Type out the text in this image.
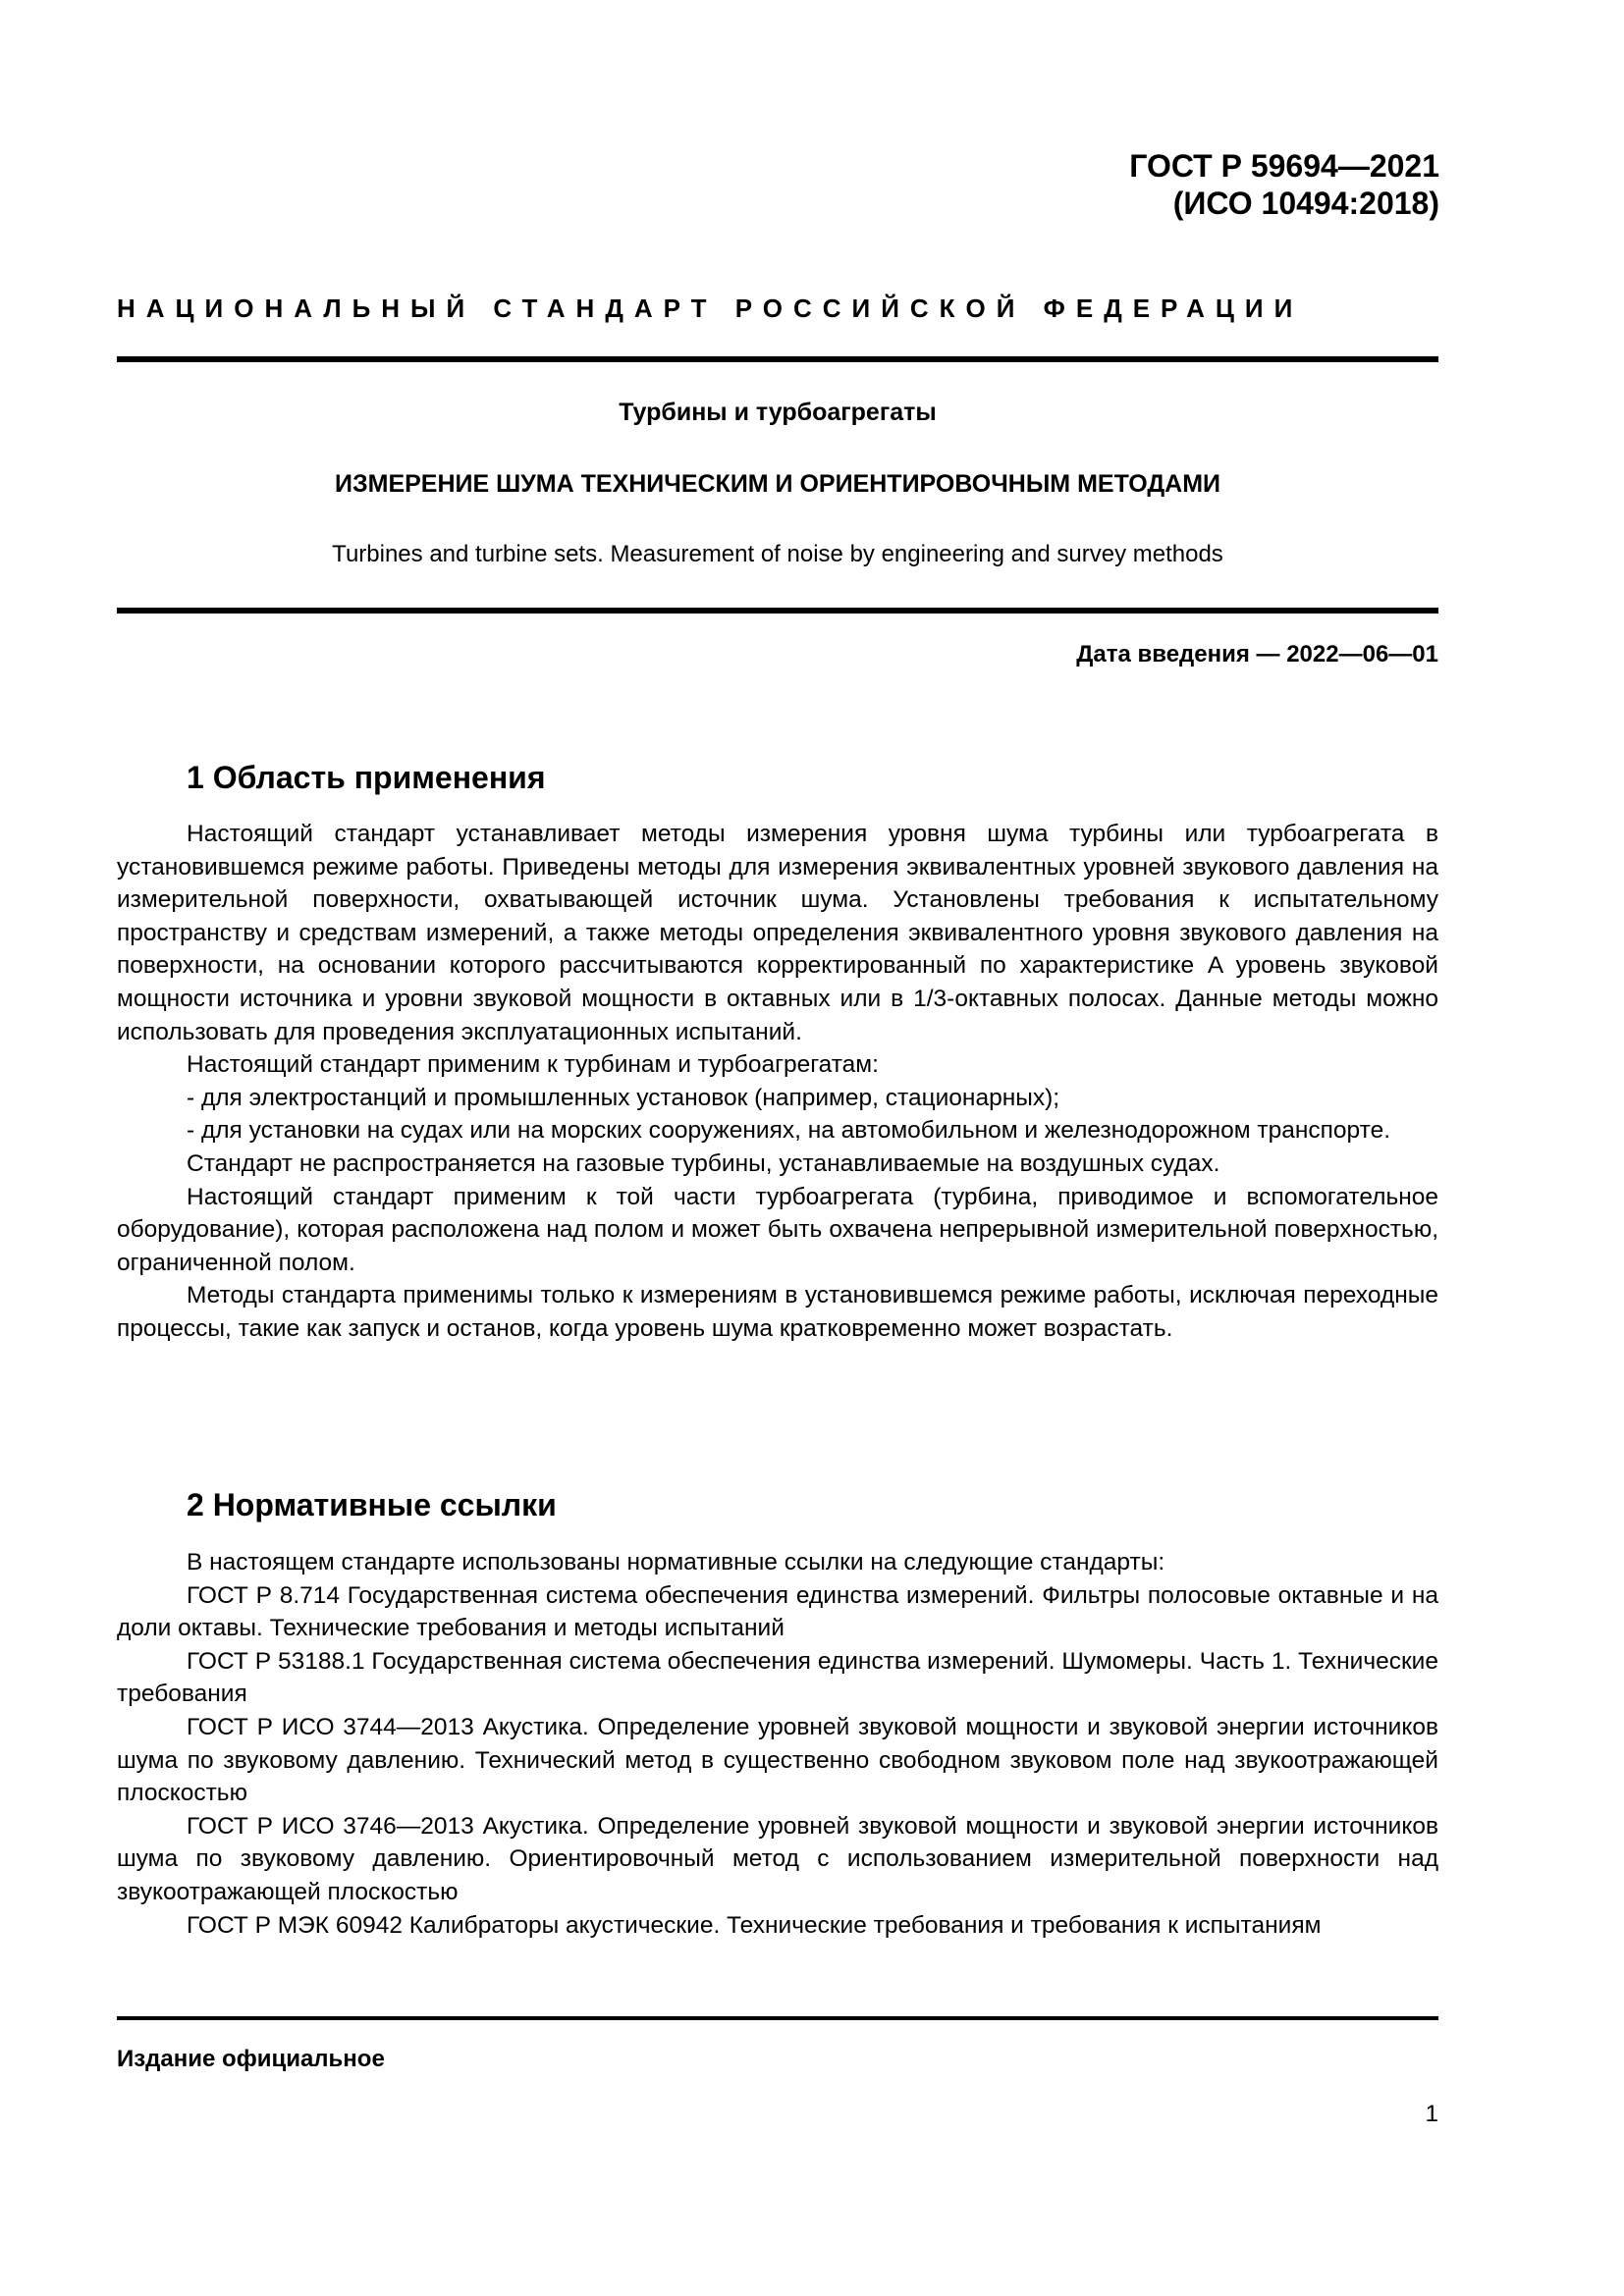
ГОСТ Р 59694—2021
(ИСО 10494:2018)
НАЦИОНАЛЬНЫЙ СТАНДАРТ РОССИЙСКОЙ ФЕДЕРАЦИИ
Турбины и турбоагрегаты
ИЗМЕРЕНИЕ ШУМА ТЕХНИЧЕСКИМ И ОРИЕНТИРОВОЧНЫМ МЕТОДАМИ
Turbines and turbine sets. Measurement of noise by engineering and survey methods
Дата введения — 2022—06—01
1 Область применения

Настоящий стандарт устанавливает методы измерения уровня шума турбины или турбоагрегата в установившемся режиме работы. Приведены методы для измерения эквивалентных уровней звукового давления на измерительной поверхности, охватывающей источник шума. Установлены требования к испытательному пространству и средствам измерений, а также методы определения эквивалентного уровня звукового давления на поверхности, на основании которого рассчитываются корректированный по характеристике A уровень звуковой мощности источника и уровни звуковой мощности в октавных или в 1/3-октавных полосах. Данные методы можно использовать для проведения эксплуатационных испытаний.

Настоящий стандарт применим к турбинам и турбоагрегатам:

- для электростанций и промышленных установок (например, стационарных);

- для установки на судах или на морских сооружениях, на автомобильном и железнодорожном транспорте.

Стандарт не распространяется на газовые турбины, устанавливаемые на воздушных судах.

Настоящий стандарт применим к той части турбоагрегата (турбина, приводимое и вспомогательное оборудование), которая расположена над полом и может быть охвачена непрерывной измерительной поверхностью, ограниченной полом.

Методы стандарта применимы только к измерениям в установившемся режиме работы, исключая переходные процессы, такие как запуск и останов, когда уровень шума кратковременно может возрастать.

2 Нормативные ссылки

В настоящем стандарте использованы нормативные ссылки на следующие стандарты:

ГОСТ Р 8.714 Государственная система обеспечения единства измерений. Фильтры полосовые октавные и на доли октавы. Технические требования и методы испытаний

ГОСТ Р 53188.1 Государственная система обеспечения единства измерений. Шумомеры. Часть 1. Технические требования

ГОСТ Р ИСО 3744—2013 Акустика. Определение уровней звуковой мощности и звуковой энергии источников шума по звуковому давлению. Технический метод в существенно свободном звуковом поле над звукоотражающей плоскостью

ГОСТ Р ИСО 3746—2013 Акустика. Определение уровней звуковой мощности и звуковой энергии источников шума по звуковому давлению. Ориентировочный метод с использованием измерительной поверхности над звукоотражающей плоскостью

ГОСТ Р МЭК 60942 Калибраторы акустические. Технические требования и требования к испытаниям

Издание официальное
1
